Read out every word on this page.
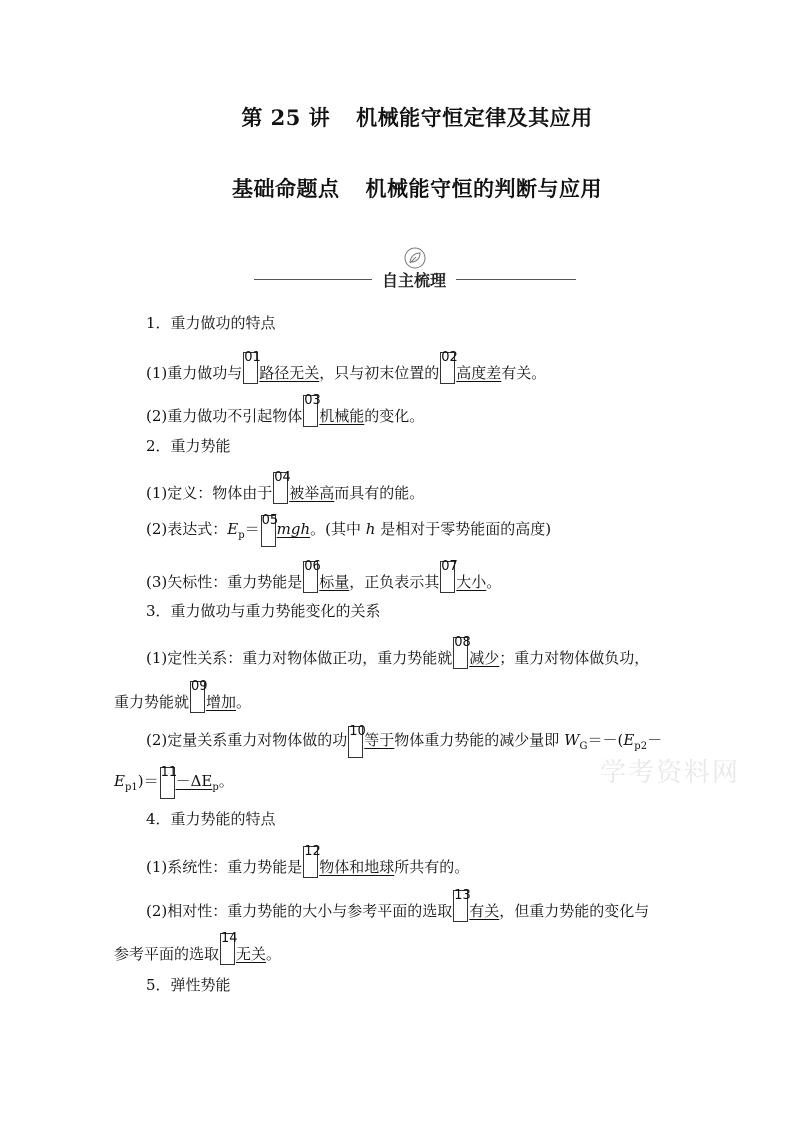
第 25 讲 机械能守恒定律及其应用
基础命题点 机械能守恒的判断与应用
自主梳理
1．重力做功的特点
(1)重力做功与
01
路径无关，只与初末位置的
02
高度差有关。
(2)重力做功不引起物体
03
机械能的变化。
2．重力势能
(1)定义：物体由于
04
被举高而具有的能。
(2)表达式：$E_p= 05$
mgh。(其中 h 是相对于零势能面的高度)
(3)矢标性：重力势能是
06
标量，正负表示其
07
大小。
3．重力做功与重力势能变化的关系
(1)定性关系：重力对物体做正功，重力势能就
08
减少；重力对物体做负功，
重力势能就
09
增加。
(2)定量关系重力对物体做的功 10
等于物体重力势能的减少量即 $W_G=-(E_{p2}-$
$E_{p1})= 11$
$-\Delta E_p$。	学考资料网
4．重力势能的特点
(1)系统性：重力势能是
12
物体和地球所共有的。
(2)相对性：重力势能的大小与参考平面的选取
13
有关，但重力势能的变化与
参考平面的选取
14
无关。
5．弹性势能
